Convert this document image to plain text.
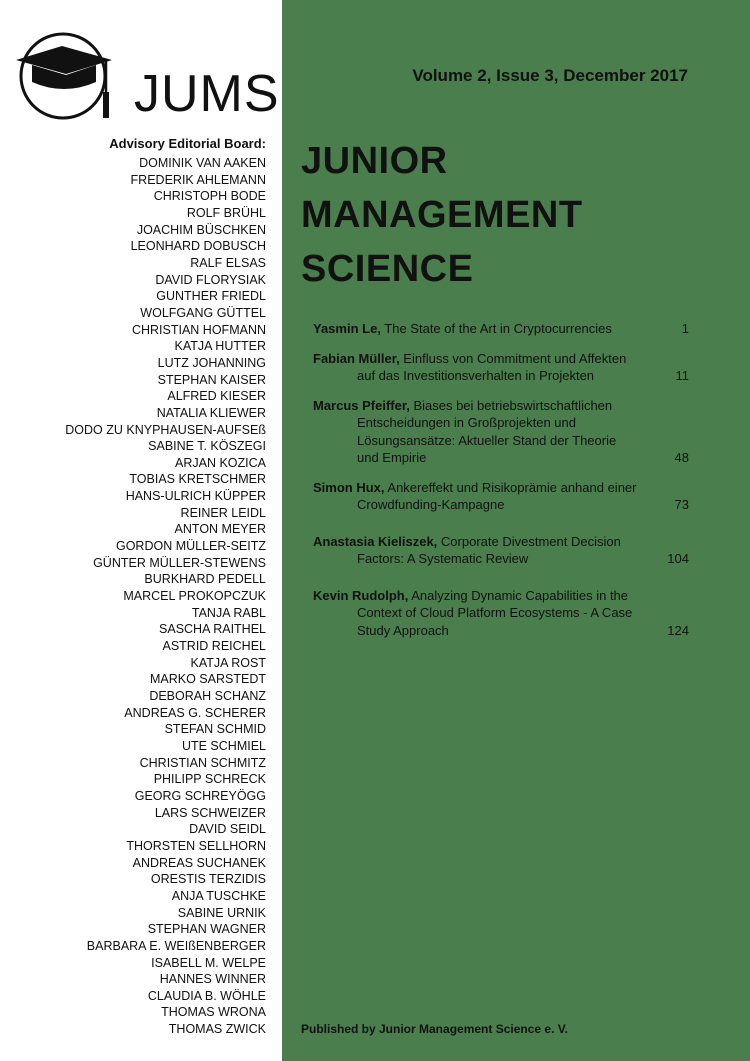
JUMS
Advisory Editorial Board:
DOMINIK VAN AAKEN
FREDERIK AHLEMANN
CHRISTOPH BODE
ROLF BRÜHL
JOACHIM BÜSCHKEN
LEONHARD DOBUSCH
RALF ELSAS
DAVID FLORYSIAK
GUNTHER FRIEDL
WOLFGANG GÜTTEL
CHRISTIAN HOFMANN
KATJA HUTTER
LUTZ JOHANNING
STEPHAN KAISER
ALFRED KIESER
NATALIA KLIEWER
DODO ZU KNYPHAUSEN-AUFSEß
SABINE T. KÖSZEGI
ARJAN KOZICA
TOBIAS KRETSCHMER
HANS-ULRICH KÜPPER
REINER LEIDL
ANTON MEYER
GORDON MÜLLER-SEITZ
GÜNTER MÜLLER-STEWENS
BURKHARD PEDELL
MARCEL PROKOPCZUK
TANJA RABL
SASCHA RAITHEL
ASTRID REICHEL
KATJA ROST
MARKO SARSTEDT
DEBORAH SCHANZ
ANDREAS G. SCHERER
STEFAN SCHMID
UTE SCHMIEL
CHRISTIAN SCHMITZ
PHILIPP SCHRECK
GEORG SCHREYÖGG
LARS SCHWEIZER
DAVID SEIDL
THORSTEN SELLHORN
ANDREAS SUCHANEK
ORESTIS TERZIDIS
ANJA TUSCHKE
SABINE URNIK
STEPHAN WAGNER
BARBARA E. WEIßENBERGER
ISABELL M. WELPE
HANNES WINNER
CLAUDIA B. WÖHLE
THOMAS WRONA
THOMAS ZWICK

Volume 2, Issue 3, December 2017

JUNIOR
MANAGEMENT
SCIENCE
Yasmin Le, The State of the Art in Cryptocurrencies	1
Fabian Müller, Einfluss von Commitment und Affekten auf das Investitionsverhalten in Projekten	11
Marcus Pfeiffer, Biases bei betriebswirtschaftlichen Entscheidungen in Großprojekten und Lösungsansätze: Aktueller Stand der Theorie und Empirie	48
Simon Hux, Ankereffekt und Risikoprämie anhand einer Crowdfunding-Kampagne	73
Anastasia Kieliszek, Corporate Divestment Decision Factors: A Systematic Review	104
Kevin Rudolph, Analyzing Dynamic Capabilities in the Context of Cloud Platform Ecosystems - A Case Study Approach	124

Published by Junior Management Science e. V.
